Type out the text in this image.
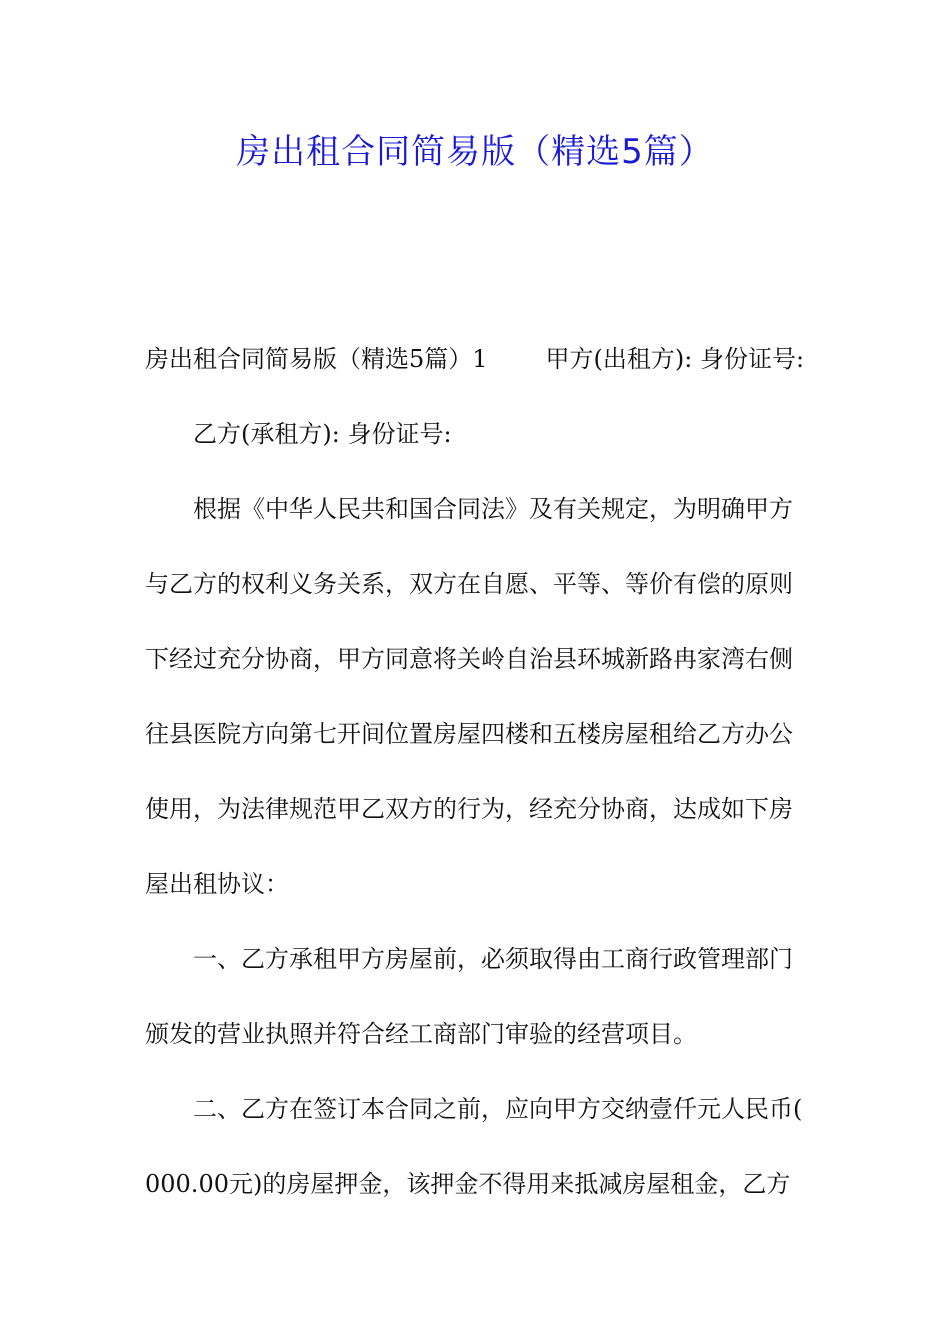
房出租合同简易版（精选5篇）
房出租合同简易版（精选5篇）1 甲方(出租方): 身份证号:
乙方(承租方): 身份证号:
根据《中华人民共和国合同法》及有关规定，为明确甲方
与乙方的权利义务关系，双方在自愿、平等、等价有偿的原则
下经过充分协商，甲方同意将关岭自治县环城新路冉家湾右侧
往县医院方向第七开间位置房屋四楼和五楼房屋租给乙方办公
使用，为法律规范甲乙双方的行为，经充分协商，达成如下房
屋出租协议：
一、乙方承租甲方房屋前，必须取得由工商行政管理部门
颁发的营业执照并符合经工商部门审验的经营项目。
二、乙方在签订本合同之前，应向甲方交纳壹仟元人民币(
000.00元)的房屋押金，该押金不得用来抵减房屋租金，乙方
